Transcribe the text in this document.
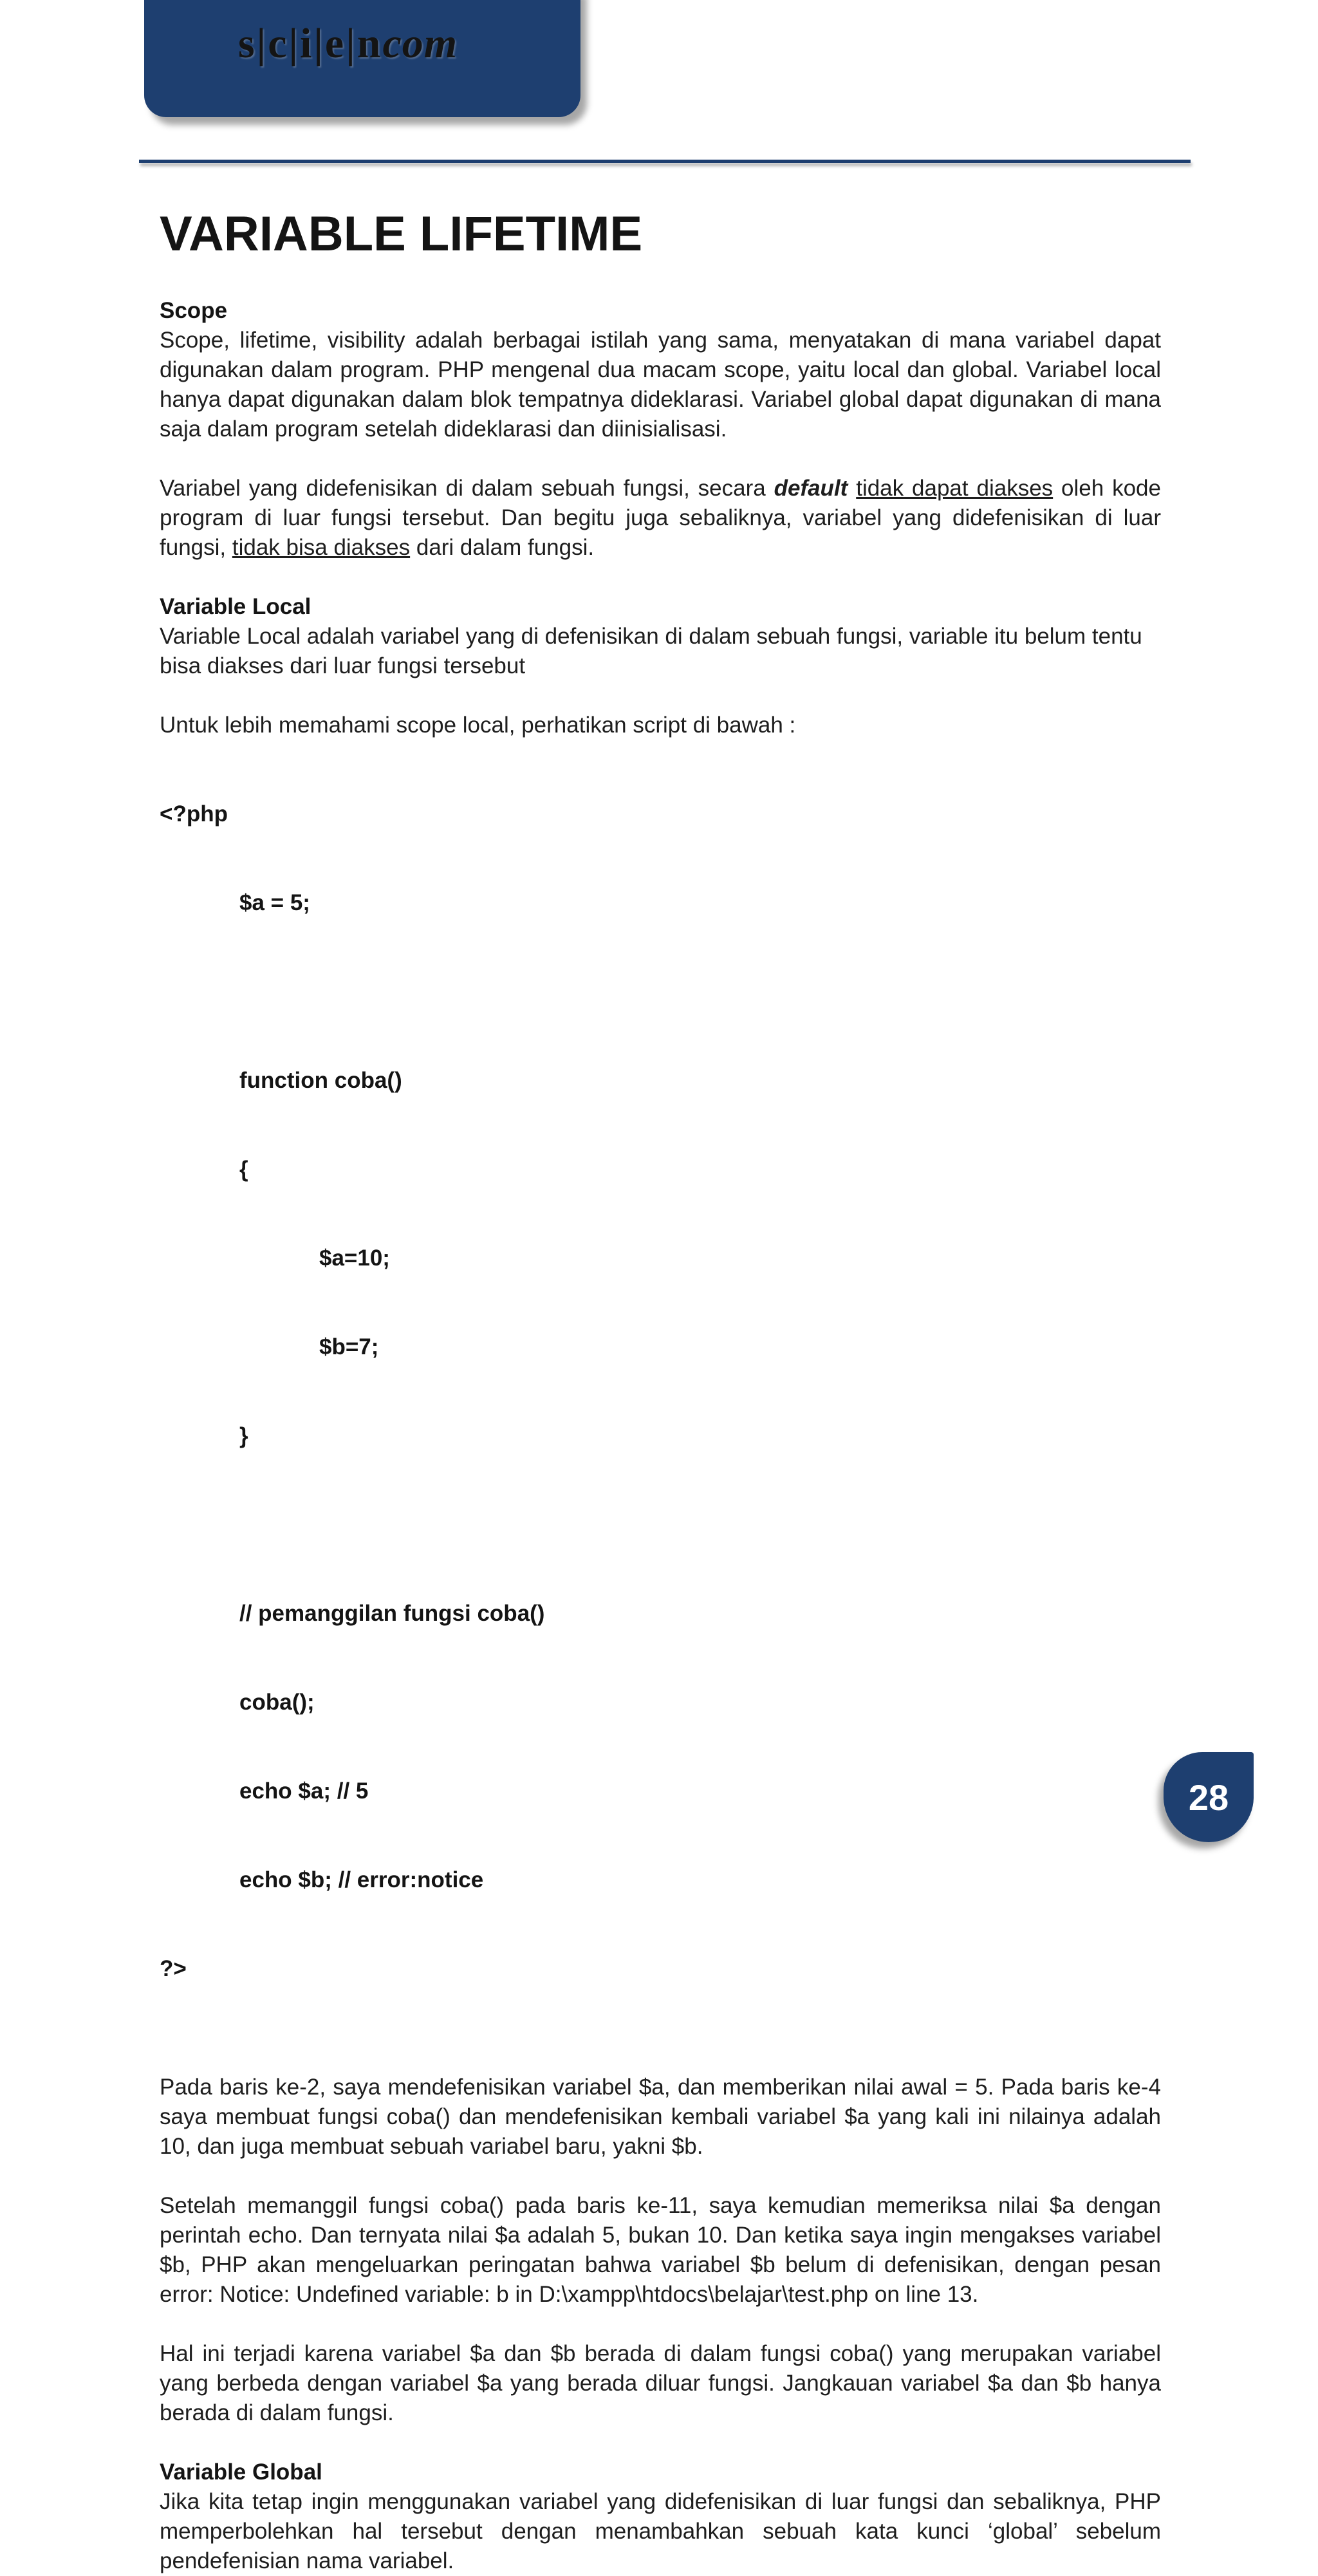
s|c|i|e|ncom
VARIABLE LIFETIME

Scope

Scope, lifetime, visibility adalah berbagai istilah yang sama, menyatakan di mana variabel dapat digunakan dalam program. PHP mengenal dua macam scope, yaitu local dan global. Variabel local hanya dapat digunakan dalam blok tempatnya dideklarasi. Variabel global dapat digunakan di mana saja dalam program setelah dideklarasi dan diinisialisasi.

Variabel yang didefenisikan di dalam sebuah fungsi, secara default tidak dapat diakses oleh kode program di luar fungsi tersebut. Dan begitu juga sebaliknya, variabel yang didefenisikan di luar fungsi, tidak bisa diakses dari dalam fungsi.

Variable Local

Variable Local adalah variabel yang di defenisikan di dalam sebuah fungsi, variable itu belum tentu bisa diakses dari luar fungsi tersebut

Untuk lebih memahami scope local, perhatikan script di bawah :

<?php

$a = 5;

function coba()

{

$a=10;

$b=7;

}

// pemanggilan fungsi coba()

coba();

echo $a; // 5

echo $b; // error:notice

?>

Pada baris ke-2, saya mendefenisikan variabel $a, dan memberikan nilai awal = 5. Pada baris ke-4 saya membuat fungsi coba() dan mendefenisikan kembali variabel $a yang kali ini nilainya adalah 10, dan juga membuat sebuah variabel baru, yakni $b.

Setelah memanggil fungsi coba() pada baris ke-11, saya kemudian memeriksa nilai $a dengan perintah echo. Dan ternyata nilai $a adalah 5, bukan 10. Dan ketika saya ingin mengakses variabel $b, PHP akan mengeluarkan peringatan bahwa variabel $b belum di defenisikan, dengan pesan error: Notice: Undefined variable: b in D:\xampp\htdocs\belajar\test.php on line 13.

Hal ini terjadi karena variabel $a dan $b berada di dalam fungsi coba() yang merupakan variabel yang berbeda dengan variabel $a yang berada diluar fungsi. Jangkauan variabel $a dan $b hanya berada di dalam fungsi.

Variable Global

Jika kita tetap ingin menggunakan variabel yang didefenisikan di luar fungsi dan sebaliknya, PHP memperbolehkan hal tersebut dengan menambahkan sebuah kata kunci ‘global’ sebelum pendefenisian nama variabel.

28
